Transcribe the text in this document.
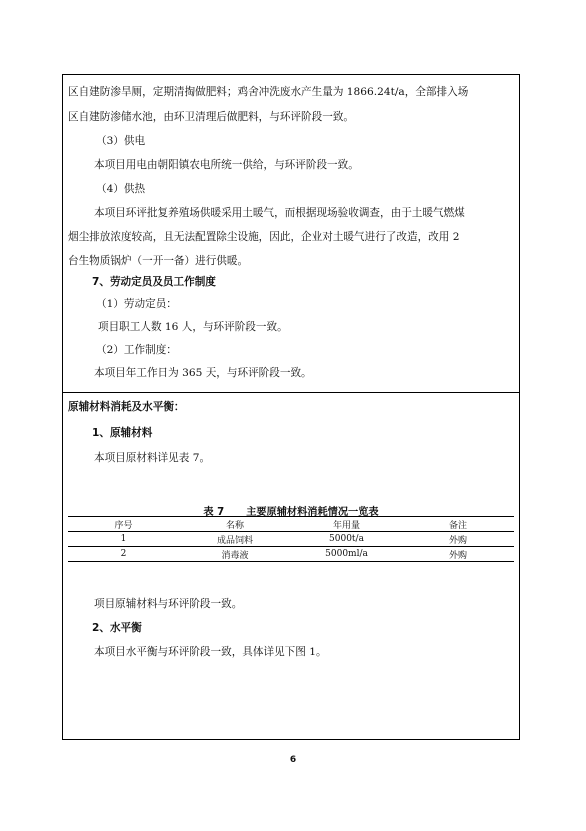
区自建防渗旱厕，定期清掏做肥料；鸡舍冲洗废水产生量为 1866.24t/a，全部排入场
区自建防渗储水池，由环卫清理后做肥料，与环评阶段一致。
（3）供电
本项目用电由朝阳镇农电所统一供给，与环评阶段一致。
（4）供热
本项目环评批复养殖场供暖采用土暖气，而根据现场验收调查，由于土暖气燃煤
烟尘排放浓度较高，且无法配置除尘设施，因此，企业对土暖气进行了改造，改用 2
台生物质锅炉（一开一备）进行供暖。
7、劳动定员及员工作制度
（1）劳动定员：
项目职工人数 16 人，与环评阶段一致。
（2）工作制度：
本项目年工作日为 365 天，与环评阶段一致。
原辅材料消耗及水平衡：
1、原辅材料
本项目原材料详见表 7。
表 7 主要原辅材料消耗情况一览表
序号	名称	年用量	备注
1	成品饲料	5000t/a	外购
2	消毒液	5000ml/a	外购
项目原辅材料与环评阶段一致。
2、水平衡
本项目水平衡与环评阶段一致，具体详见下图 1。
6
